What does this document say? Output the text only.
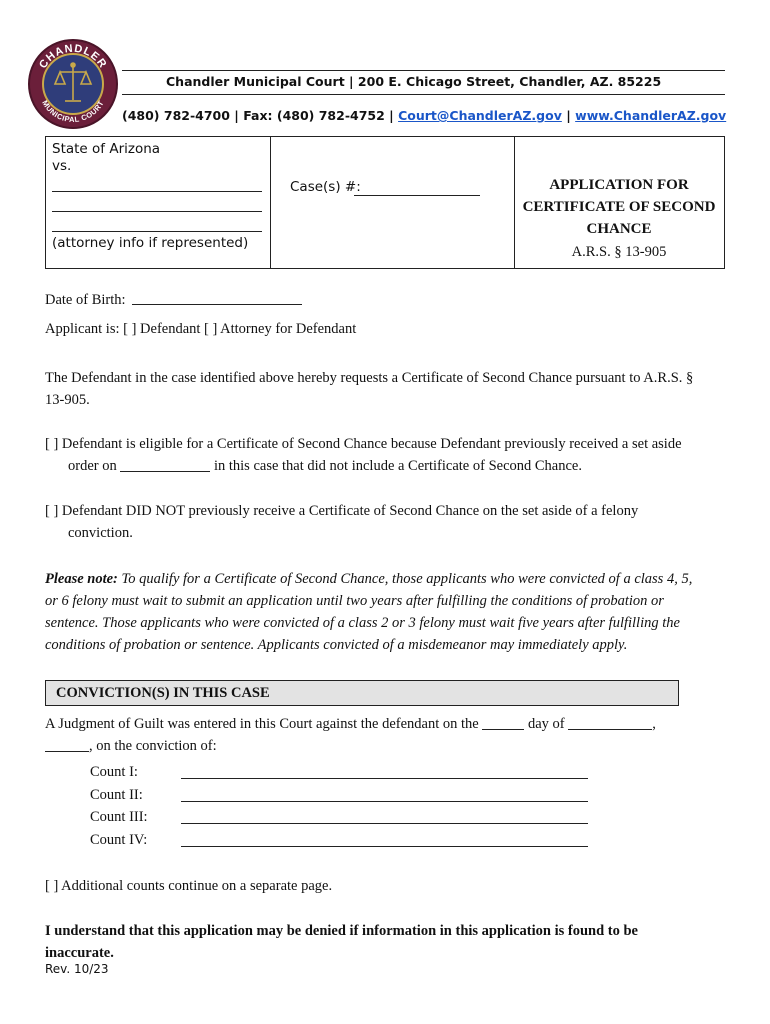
CHANDLER
MUNICIPAL COURT
Chandler Municipal Court | 200 E. Chicago Street, Chandler, AZ. 85225
(480) 782-4700 | Fax: (480) 782-4752 | Court@ChandlerAZ.gov | www.ChandlerAZ.gov
State of Arizona
vs.
(attorney info if represented)
Case(s) #:	APPLICATION FOR
CERTIFICATE OF SECOND
CHANCE
A.R.S. § 13-905
Date of Birth:
Applicant is: [ ] Defendant [ ] Attorney for Defendant
The Defendant in the case identified above hereby requests a Certificate of Second Chance pursuant to A.R.S. §
13-905.
[ ] Defendant is eligible for a Certificate of Second Chance because Defendant previously received a set aside
order on	in this case that did not include a Certificate of Second Chance.
[ ] Defendant DID NOT previously receive a Certificate of Second Chance on the set aside of a felony
conviction.
Please note: To qualify for a Certificate of Second Chance, those applicants who were convicted of a class 4, 5,
or 6 felony must wait to submit an application until two years after fulfilling the conditions of probation or
sentence. Those applicants who were convicted of a class 2 or 3 felony must wait five years after fulfilling the
conditions of probation or sentence. Applicants convicted of a misdemeanor may immediately apply.
CONVICTION(S) IN THIS CASE
A Judgment of Guilt was entered in this Court against the defendant on the	day of	,
, on the conviction of:
Count I:
Count II:
Count III:
Count IV:
[ ] Additional counts continue on a separate page.
I understand that this application may be denied if information in this application is found to be
inaccurate.
Rev. 10/23
